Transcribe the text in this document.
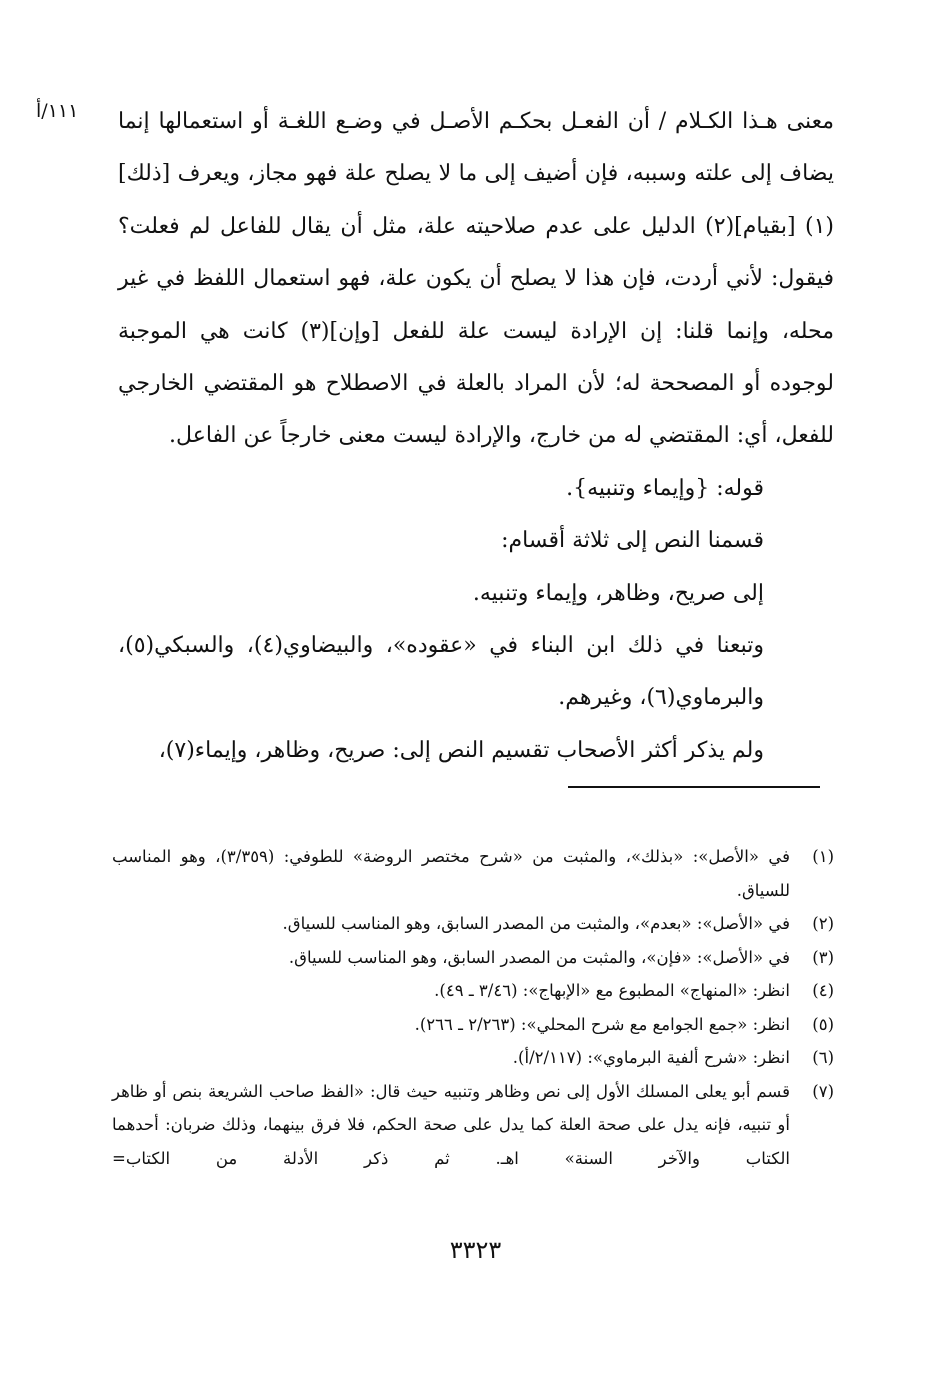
١١١/أ	معنى هـذا الكـلام / أن الفعـل بحكـم الأصـل في وضـع اللغـة أو استعمالها إنما يضاف إلى علته وسببه، فإن أضيف إلى ما لا يصلح علة فهو مجاز، ويعرف [ذلك](١) [بقيام](٢) الدليل على عدم صلاحيته علة، مثل أن يقال للفاعل لم فعلت؟ فيقول: لأني أردت، فإن هذا لا يصلح أن يكون علة، فهو استعمال اللفظ في غير محله، وإنما قلنا: إن الإرادة ليست علة للفعل [وإن](٣) كانت هي الموجبة لوجوده أو المصححة له؛ لأن المراد بالعلة في الاصطلاح هو المقتضي الخارجي للفعل، أي: المقتضي له من خارج، والإرادة ليست معنى خارجاً عن الفاعل.

قوله: {وإيماء وتنبيه}.

قسمنا النص إلى ثلاثة أقسام:

إلى صريح، وظاهر، وإيماء وتنبيه.

وتبعنا في ذلك ابن البناء في «عقوده»، والبيضاوي(٤)، والسبكي(٥)، والبرماوي(٦)، وغيرهم.

ولم يذكر أكثر الأصحاب تقسيم النص إلى: صريح، وظاهر، وإيماء(٧)،

(١)
في «الأصل»: «بذلك»، والمثبت من «شرح مختصر الروضة» للطوفي: (٣/٣٥٩)، وهو المناسب للسياق.
(٢)
في «الأصل»: «بعدم»، والمثبت من المصدر السابق، وهو المناسب للسياق.
(٣)
في «الأصل»: «فإن»، والمثبت من المصدر السابق، وهو المناسب للسياق.
(٤)
انظر: «المنهاج» المطبوع مع «الإبهاج»: (٣/٤٦ ـ ٤٩).
(٥)
انظر: «جمع الجوامع مع شرح المحلي»: (٢/٢٦٣ ـ ٢٦٦).
(٦)
انظر: «شرح ألفية البرماوي»: (٢/١١٧/أ).
(٧)
قسم أبو يعلى المسلك الأول إلى نص وظاهر وتنبيه حيث قال: «الفظ صاحب الشريعة بنص أو ظاهر أو تنبيه، فإنه يدل على صحة العلة كما يدل على صحة الحكم، فلا فرق بينهما، وذلك ضربان: أحدهما الكتاب والآخر السنة» اهـ. ثم ذكر الأدلة من الكتاب=
٣٣٢٣
